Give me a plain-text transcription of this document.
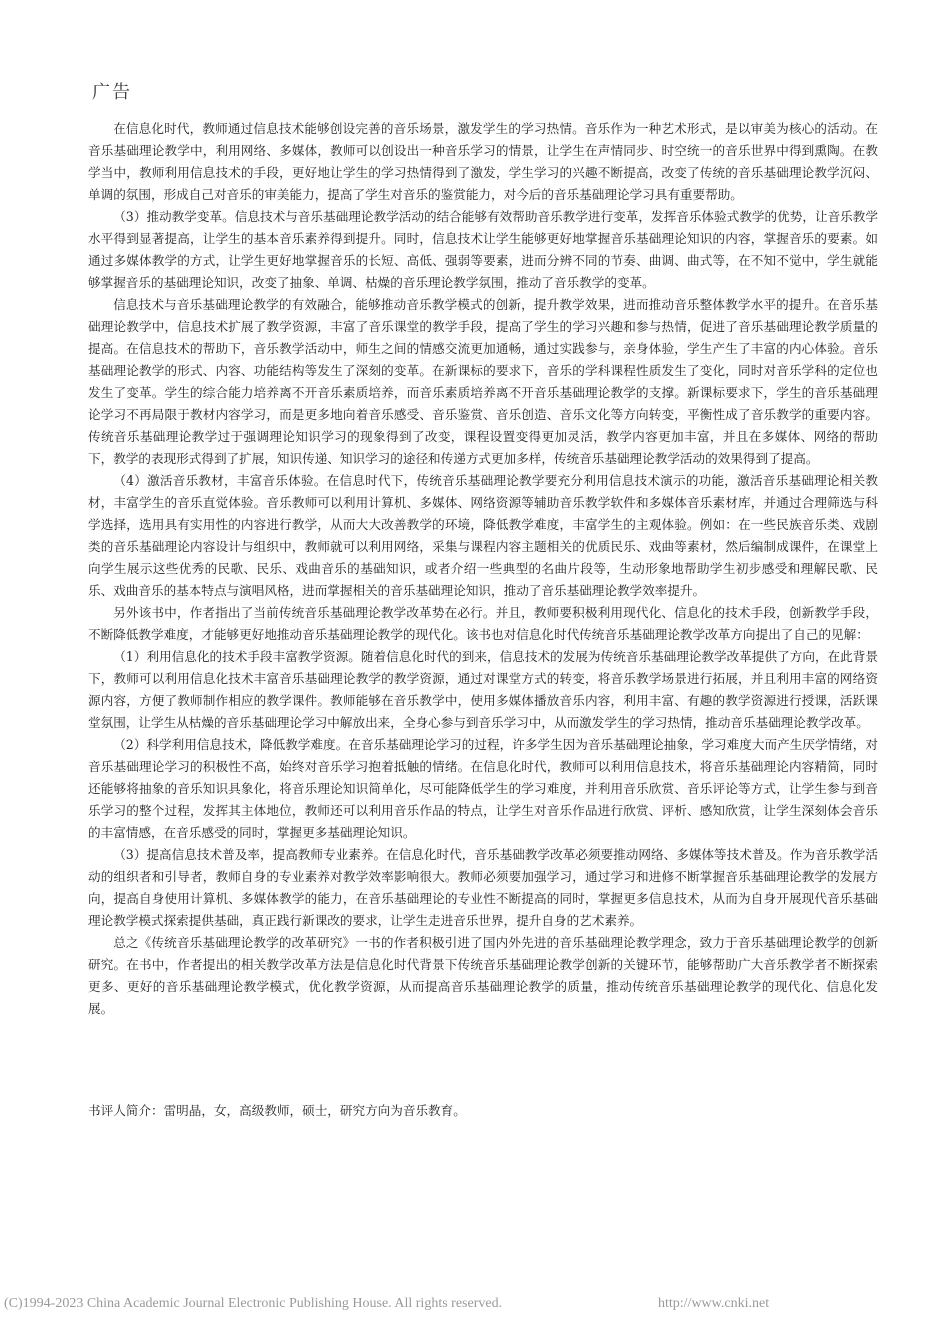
广告

在信息化时代，教师通过信息技术能够创设完善的音乐场景，激发学生的学习热情。音乐作为一种艺术形式，是以审美为核心的活动。在音乐基础理论教学中，利用网络、多媒体，教师可以创设出一种音乐学习的情景，让学生在声情同步、时空统一的音乐世界中得到熏陶。在教学当中，教师利用信息技术的手段，更好地让学生的学习热情得到了激发，学生学习的兴趣不断提高，改变了传统的音乐基础理论教学沉闷、单调的氛围，形成自己对音乐的审美能力，提高了学生对音乐的鉴赏能力，对今后的音乐基础理论学习具有重要帮助。

（3）推动教学变革。信息技术与音乐基础理论教学活动的结合能够有效帮助音乐教学进行变革，发挥音乐体验式教学的优势，让音乐教学水平得到显著提高，让学生的基本音乐素养得到提升。同时，信息技术让学生能够更好地掌握音乐基础理论知识的内容，掌握音乐的要素。如通过多媒体教学的方式，让学生更好地掌握音乐的长短、高低、强弱等要素，进而分辨不同的节奏、曲调、曲式等，在不知不觉中，学生就能够掌握音乐的基础理论知识，改变了抽象、单调、枯燥的音乐理论教学氛围，推动了音乐教学的变革。

信息技术与音乐基础理论教学的有效融合，能够推动音乐教学模式的创新，提升教学效果，进而推动音乐整体教学水平的提升。在音乐基础理论教学中，信息技术扩展了教学资源，丰富了音乐课堂的教学手段，提高了学生的学习兴趣和参与热情，促进了音乐基础理论教学质量的提高。在信息技术的帮助下，音乐教学活动中，师生之间的情感交流更加通畅，通过实践参与，亲身体验，学生产生了丰富的内心体验。音乐基础理论教学的形式、内容、功能结构等发生了深刻的变革。在新课标的要求下，音乐的学科课程性质发生了变化，同时对音乐学科的定位也发生了变革。学生的综合能力培养离不开音乐素质培养，而音乐素质培养离不开音乐基础理论教学的支撑。新课标要求下，学生的音乐基础理论学习不再局限于教材内容学习，而是更多地向着音乐感受、音乐鉴赏、音乐创造、音乐文化等方向转变，平衡性成了音乐教学的重要内容。传统音乐基础理论教学过于强调理论知识学习的现象得到了改变，课程设置变得更加灵活，教学内容更加丰富，并且在多媒体、网络的帮助下，教学的表现形式得到了扩展，知识传递、知识学习的途径和传递方式更加多样，传统音乐基础理论教学活动的效果得到了提高。

（4）激活音乐教材，丰富音乐体验。在信息时代下，传统音乐基础理论教学要充分利用信息技术演示的功能，激活音乐基础理论相关教材，丰富学生的音乐直觉体验。音乐教师可以利用计算机、多媒体、网络资源等辅助音乐教学软件和多媒体音乐素材库，并通过合理筛选与科学选择，选用具有实用性的内容进行教学，从而大大改善教学的环境，降低教学难度，丰富学生的主观体验。例如：在一些民族音乐类、戏剧类的音乐基础理论内容设计与组织中，教师就可以利用网络，采集与课程内容主题相关的优质民乐、戏曲等素材，然后编制成课件，在课堂上向学生展示这些优秀的民歌、民乐、戏曲音乐的基础知识，或者介绍一些典型的名曲片段等，生动形象地帮助学生初步感受和理解民歌、民乐、戏曲音乐的基本特点与演唱风格，进而掌握相关的音乐基础理论知识，推动了音乐基础理论教学效率提升。

另外该书中，作者指出了当前传统音乐基础理论教学改革势在必行。并且，教师要积极利用现代化、信息化的技术手段，创新教学手段，不断降低教学难度，才能够更好地推动音乐基础理论教学的现代化。该书也对信息化时代传统音乐基础理论教学改革方向提出了自己的见解：

（1）利用信息化的技术手段丰富教学资源。随着信息化时代的到来，信息技术的发展为传统音乐基础理论教学改革提供了方向，在此背景下，教师可以利用信息化技术丰富音乐基础理论教学的教学资源，通过对课堂方式的转变，将音乐教学场景进行拓展，并且利用丰富的网络资源内容，方便了教师制作相应的教学课件。教师能够在音乐教学中，使用多媒体播放音乐内容，利用丰富、有趣的教学资源进行授课，活跃课堂氛围，让学生从枯燥的音乐基础理论学习中解放出来，全身心参与到音乐学习中，从而激发学生的学习热情，推动音乐基础理论教学改革。

（2）科学利用信息技术，降低教学难度。在音乐基础理论学习的过程，许多学生因为音乐基础理论抽象，学习难度大而产生厌学情绪，对音乐基础理论学习的积极性不高，始终对音乐学习抱着抵触的情绪。在信息化时代，教师可以利用信息技术，将音乐基础理论内容精简，同时还能够将抽象的音乐知识具象化，将音乐理论知识简单化，尽可能降低学生的学习难度，并利用音乐欣赏、音乐评论等方式，让学生参与到音乐学习的整个过程，发挥其主体地位，教师还可以利用音乐作品的特点，让学生对音乐作品进行欣赏、评析、感知欣赏，让学生深刻体会音乐的丰富情感，在音乐感受的同时，掌握更多基础理论知识。

（3）提高信息技术普及率，提高教师专业素养。在信息化时代，音乐基础教学改革必须要推动网络、多媒体等技术普及。作为音乐教学活动的组织者和引导者，教师自身的专业素养对教学效率影响很大。教师必须要加强学习，通过学习和进修不断掌握音乐基础理论教学的发展方向，提高自身使用计算机、多媒体教学的能力，在音乐基础理论的专业性不断提高的同时，掌握更多信息技术，从而为自身开展现代音乐基础理论教学模式探索提供基础，真正践行新课改的要求，让学生走进音乐世界，提升自身的艺术素养。

总之《传统音乐基础理论教学的改革研究》一书的作者积极引进了国内外先进的音乐基础理论教学理念，致力于音乐基础理论教学的创新研究。在书中，作者提出的相关教学改革方法是信息化时代背景下传统音乐基础理论教学创新的关键环节，能够帮助广大音乐教学者不断探索更多、更好的音乐基础理论教学模式，优化教学资源，从而提高音乐基础理论教学的质量，推动传统音乐基础理论教学的现代化、信息化发展。

书评人简介：雷明晶，女，高级教师，硕士，研究方向为音乐教育。
(C)1994-2023 China Academic Journal Electronic Publishing House. All rights reserved.	http://www.cnki.net
